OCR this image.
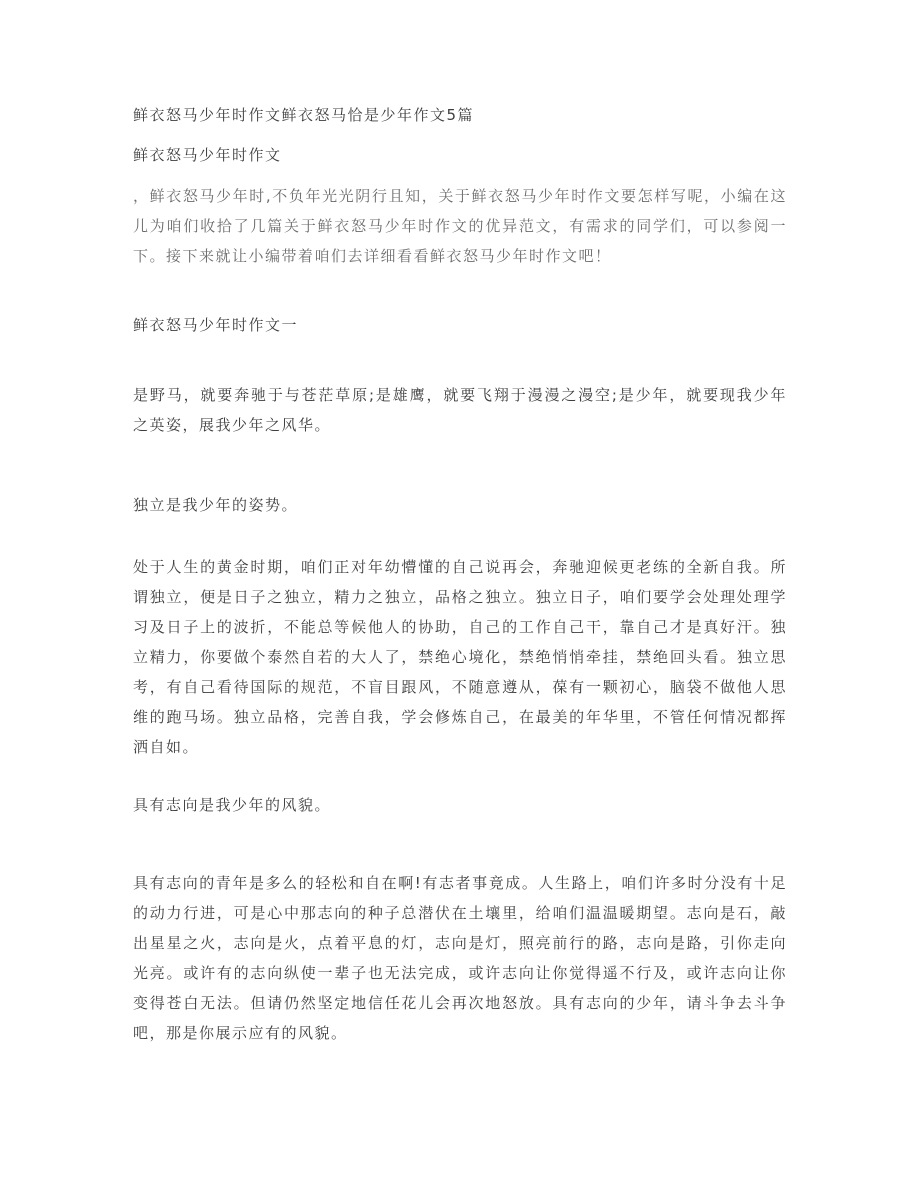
鲜衣怒马少年时作文鲜衣怒马恰是少年作文5篇

鲜衣怒马少年时作文

，鲜衣怒马少年时,不负年光光阴行且知，关于鲜衣怒马少年时作文要怎样写呢，小编在这儿为咱们收拾了几篇关于鲜衣怒马少年时作文的优异范文，有需求的同学们，可以参阅一下。接下来就让小编带着咱们去详细看看鲜衣怒马少年时作文吧！

鲜衣怒马少年时作文一

是野马，就要奔驰于与苍茫草原;是雄鹰，就要飞翔于漫漫之漫空;是少年，就要现我少年之英姿，展我少年之风华。

独立是我少年的姿势。

处于人生的黄金时期，咱们正对年幼懵懂的自己说再会，奔驰迎候更老练的全新自我。所谓独立，便是日子之独立，精力之独立，品格之独立。独立日子，咱们要学会处理处理学习及日子上的波折，不能总等候他人的协助，自己的工作自己干，靠自己才是真好汗。独立精力，你要做个泰然自若的大人了，禁绝心境化，禁绝悄悄牵挂，禁绝回头看。独立思考，有自己看待国际的规范，不盲目跟风，不随意遵从，葆有一颗初心，脑袋不做他人思维的跑马场。独立品格，完善自我，学会修炼自己，在最美的年华里，不管任何情况都挥洒自如。

具有志向是我少年的风貌。

具有志向的青年是多么的轻松和自在啊!有志者事竟成。人生路上，咱们许多时分没有十足的动力行进，可是心中那志向的种子总潜伏在土壤里，给咱们温温暖期望。志向是石，敲出星星之火，志向是火，点着平息的灯，志向是灯，照亮前行的路，志向是路，引你走向光亮。或许有的志向纵使一辈子也无法完成，或许志向让你觉得遥不行及，或许志向让你变得苍白无法。但请仍然坚定地信任花儿会再次地怒放。具有志向的少年，请斗争去斗争吧，那是你展示应有的风貌。
